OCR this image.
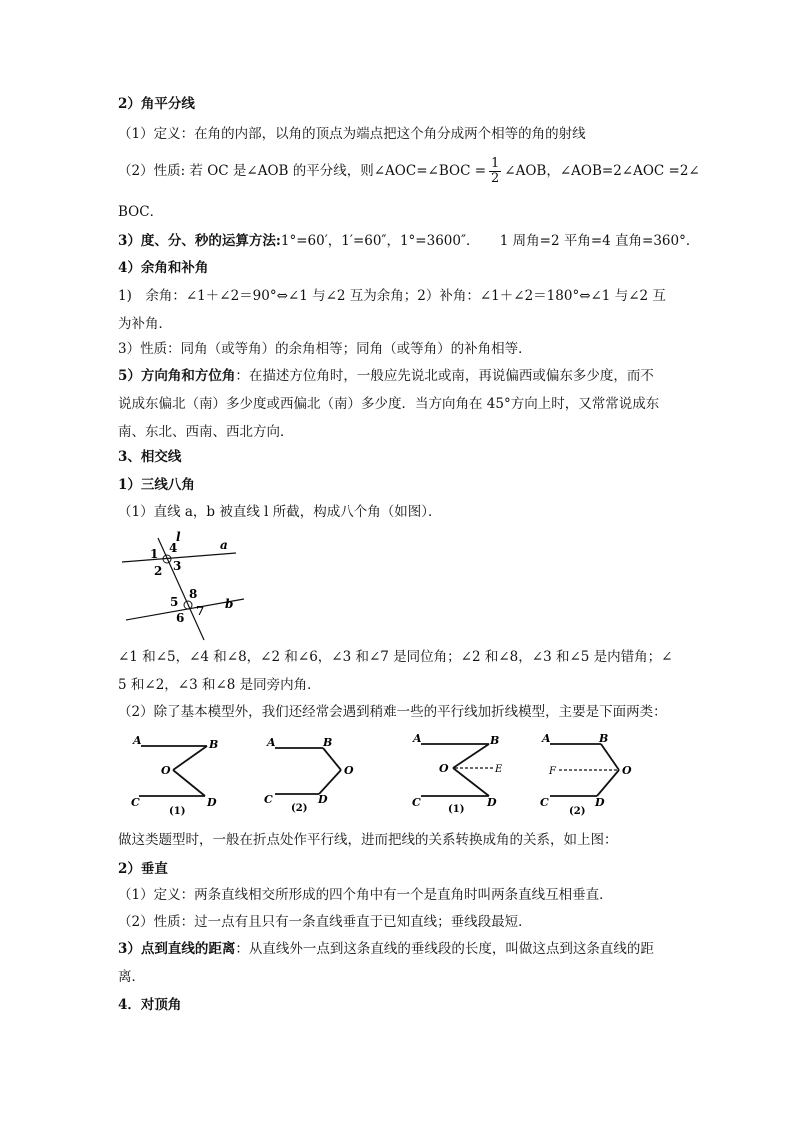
2）角平分线
（1）定义：在角的内部，以角的顶点为端点把这个角分成两个相等的角的射线
（2）性质: 若 OC 是∠AOB 的平分线，则∠AOC=∠BOC = $\frac{1}{2}$ ∠AOB，∠AOB=2∠AOC =2∠
BOC．
3）度、分、秒的运算方法:1°=60′，1′=60″，1°=3600″．　　1 周角=2 平角=4 直角=360°．
4）余角和补角
1)　余角：∠1＋∠2＝90°⇔∠1 与∠2 互为余角；2）补角：∠1＋∠2＝180°⇔∠1 与∠2 互
为补角．
3）性质：同角（或等角）的余角相等；同角（或等角）的补角相等．
5）方向角和方位角：在描述方位角时，一般应先说北或南，再说偏西或偏东多少度，而不
说成东偏北（南）多少度或西偏北（南）多少度．当方向角在 45°方向上时，又常常说成东
南、东北、西南、西北方向．
3、相交线
1）三线八角
（1）直线 a，b 被直线 l 所截，构成八个角（如图）．
l
a
b
1 4
2 3
5
8
6 7
∠1 和∠5，∠4 和∠8，∠2 和∠6，∠3 和∠7 是同位角；∠2 和∠8，∠3 和∠5 是内错角；∠
5 和∠2，∠3 和∠8 是同旁内角．
（2）除了基本模型外，我们还经常会遇到稍难一些的平行线加折线模型，主要是下面两类：
A	B
O
C	D
(1)
A	B
O
C	D
(2)
A	B
O	E
C	D
(1)
A	B
F	O
C	D
(2)
做这类题型时，一般在折点处作平行线，进而把线的关系转换成角的关系，如上图：
2）垂直
（1）定义：两条直线相交所形成的四个角中有一个是直角时叫两条直线互相垂直．
（2）性质：过一点有且只有一条直线垂直于已知直线；垂线段最短．
3）点到直线的距离：从直线外一点到这条直线的垂线段的长度，叫做这点到这条直线的距
离．
4．对顶角
